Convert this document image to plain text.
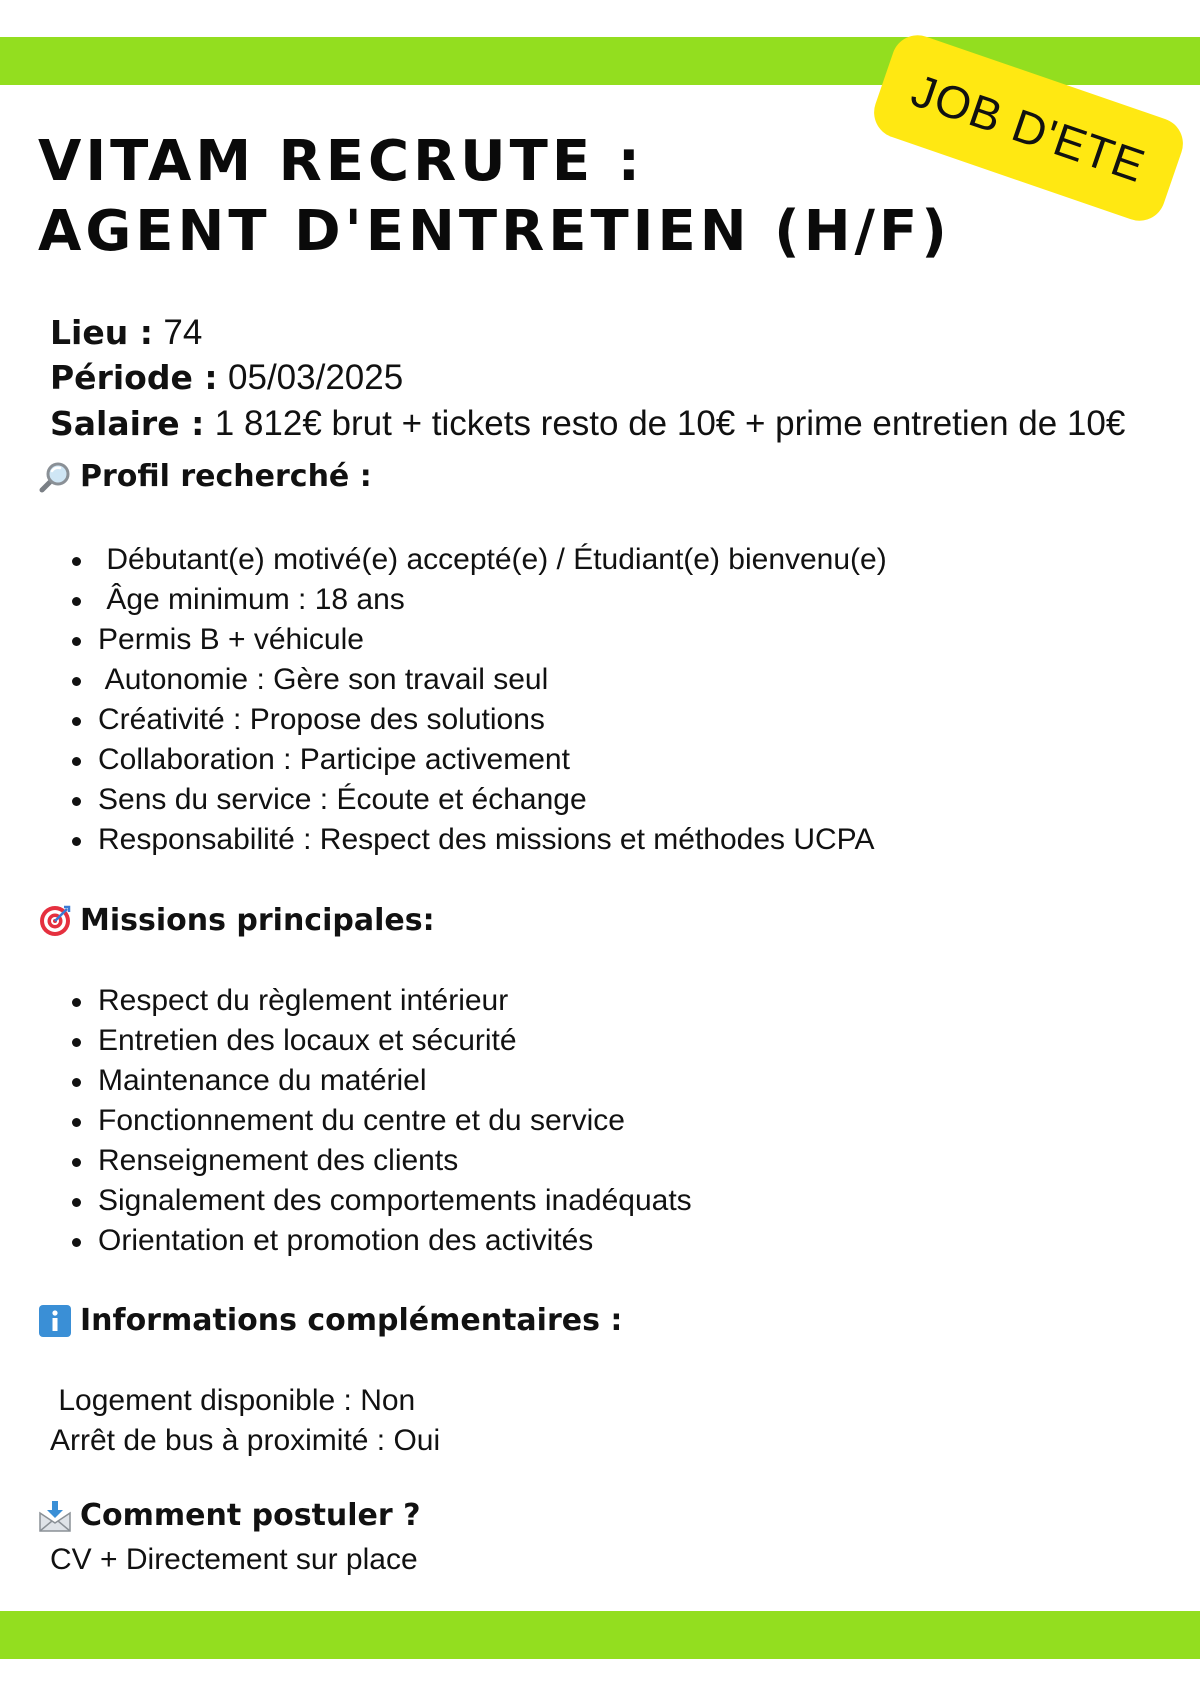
JOB D'ETE
VITAM RECRUTE :
AGENT D'ENTRETIEN (H/F)
Lieu : 74
Période : 05/03/2025
Salaire : 1 812€ brut + tickets resto de 10€ + prime entretien de 10€
Profil recherché :
Débutant(e) motivé(e) accepté(e) / Étudiant(e) bienvenu(e)
Âge minimum : 18 ans
Permis B + véhicule
Autonomie : Gère son travail seul
Créativité : Propose des solutions
Collaboration : Participe activement
Sens du service : Écoute et échange
Responsabilité : Respect des missions et méthodes UCPA
Missions principales:
Respect du règlement intérieur
Entretien des locaux et sécurité
Maintenance du matériel
Fonctionnement du centre et du service
Renseignement des clients
Signalement des comportements inadéquats
Orientation et promotion des activités
Informations complémentaires :
Logement disponible : Non
Arrêt de bus à proximité : Oui
Comment postuler ?
CV + Directement sur place
